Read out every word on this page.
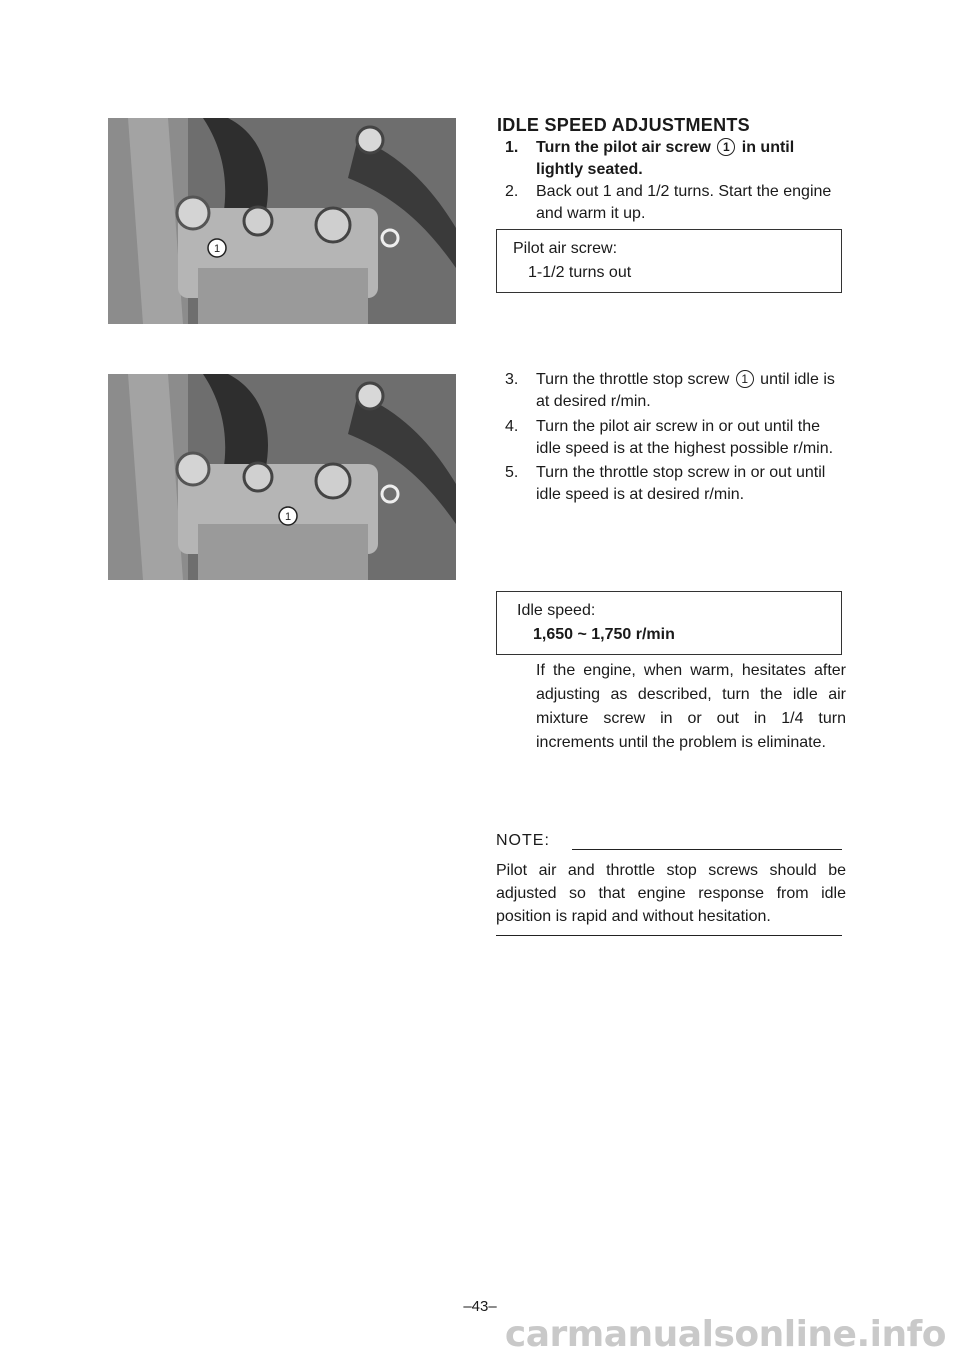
1
1
IDLE SPEED ADJUSTMENTS
1.	Turn the pilot air screw 1 in until lightly seated.
2.	Back out 1 and 1/2 turns. Start the engine and warm it up.
Pilot air screw:
1-1/2 turns out
3.	Turn the throttle stop screw 1 until idle is at desired r/min.
4.	Turn the pilot air screw in or out until the idle speed is at the highest possible r/min.
5.	Turn the throttle stop screw in or out until idle speed is at desired r/min.
Idle speed:
1,650 ~ 1,750 r/min
If the engine, when warm, hesitates after adjusting as described, turn the idle air mixture screw in or out in 1/4 turn increments until the problem is eliminate.
NOTE:
Pilot air and throttle stop screws should be adjusted so that engine response from idle position is rapid and without hesitation.
–43–
carmanualsonline.info
